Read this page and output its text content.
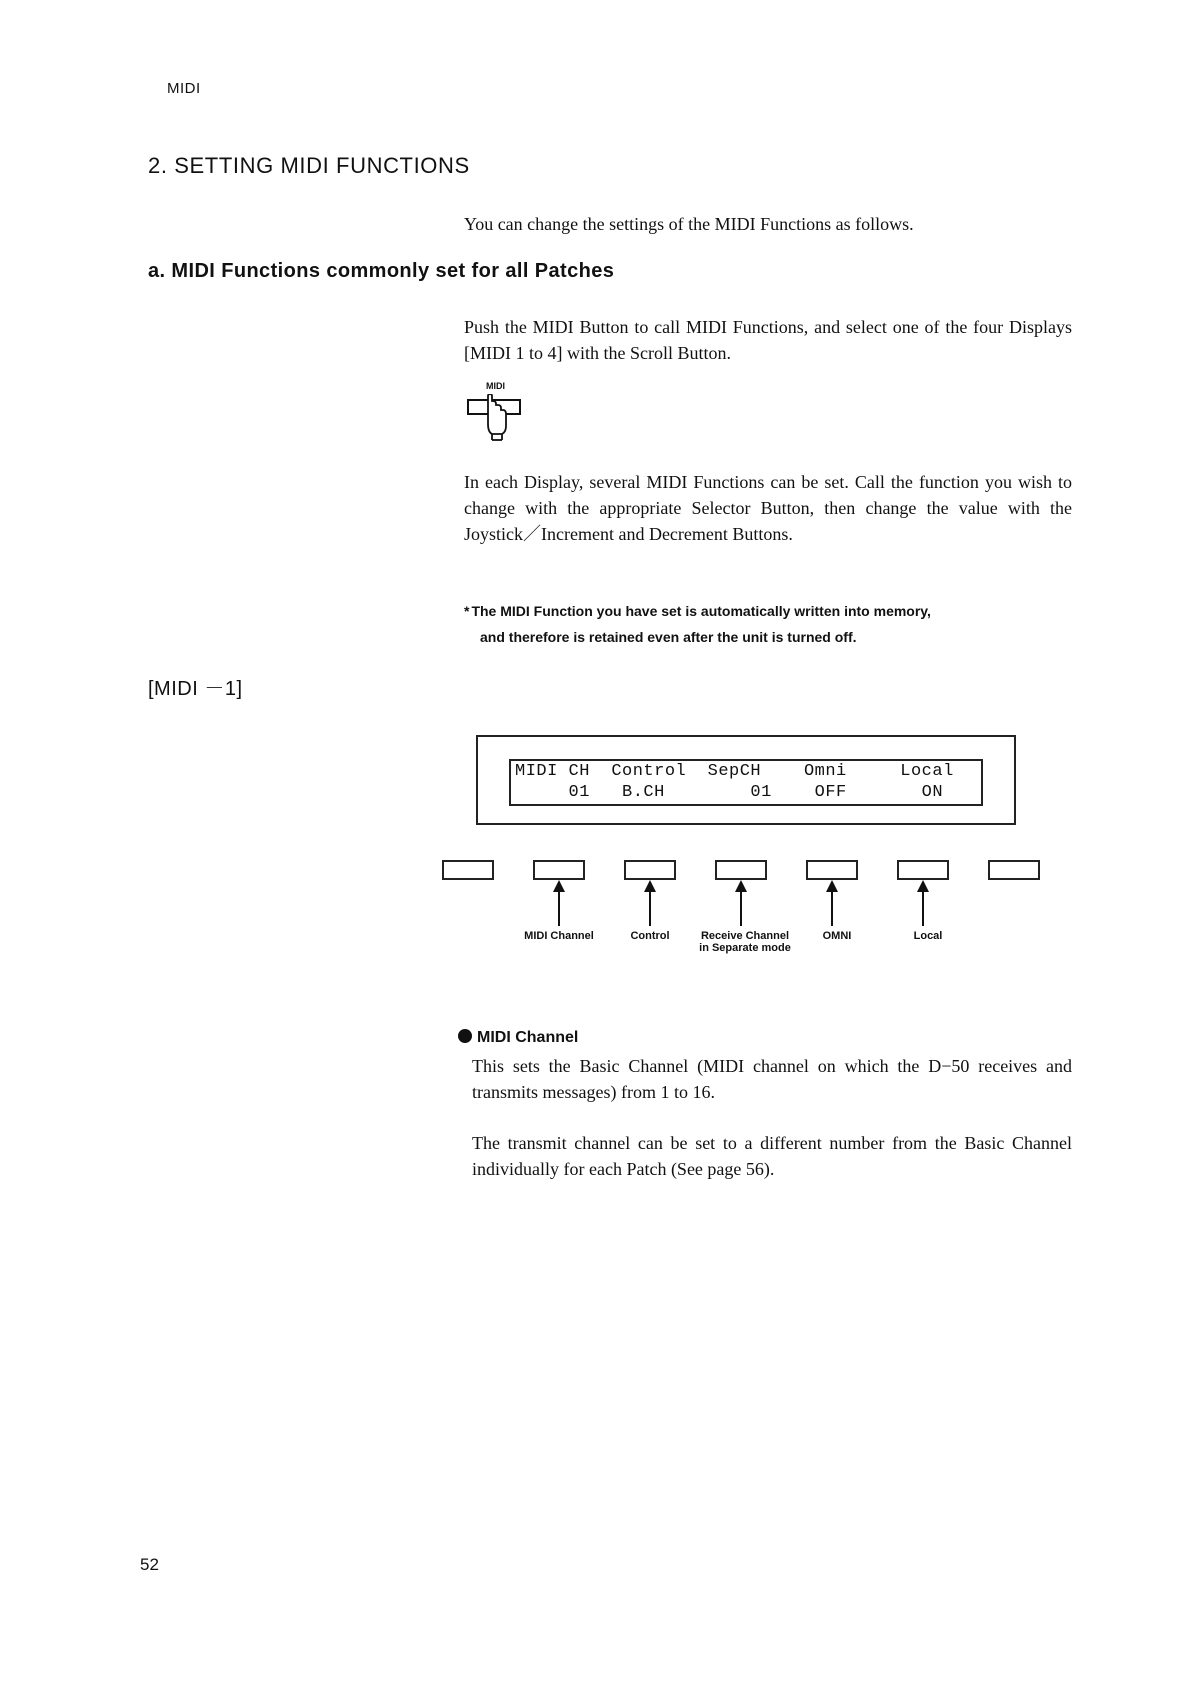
MIDI
2. SETTING MIDI FUNCTIONS
You can change the settings of the MIDI Functions as follows.
a. MIDI Functions commonly set for all Patches
Push the MIDI Button to call MIDI Functions, and select one of the four Displays [MIDI 1 to 4] with the Scroll Button.
MIDI
In each Display, several MIDI Functions can be set. Call the function you wish to change with the appropriate Selector Button, then change the value with the Joystick／Increment and Decrement Buttons.
* The MIDI Function you have set is automatically written into memory,
and therefore is retained even after the unit is turned off.
[MIDI －1]
MIDI CH  Control  SepCH    Omni     Local
01   B.CH        01    OFF       ON
MIDI Channel	Control	Receive Channel
in Separate mode
OMNI	Local
MIDI Channel
This sets the Basic Channel (MIDI channel on which the D−50 receives and transmits messages) from 1 to 16.
The transmit channel can be set to a different number from the Basic Channel individually for each Patch (See page 56).
52
